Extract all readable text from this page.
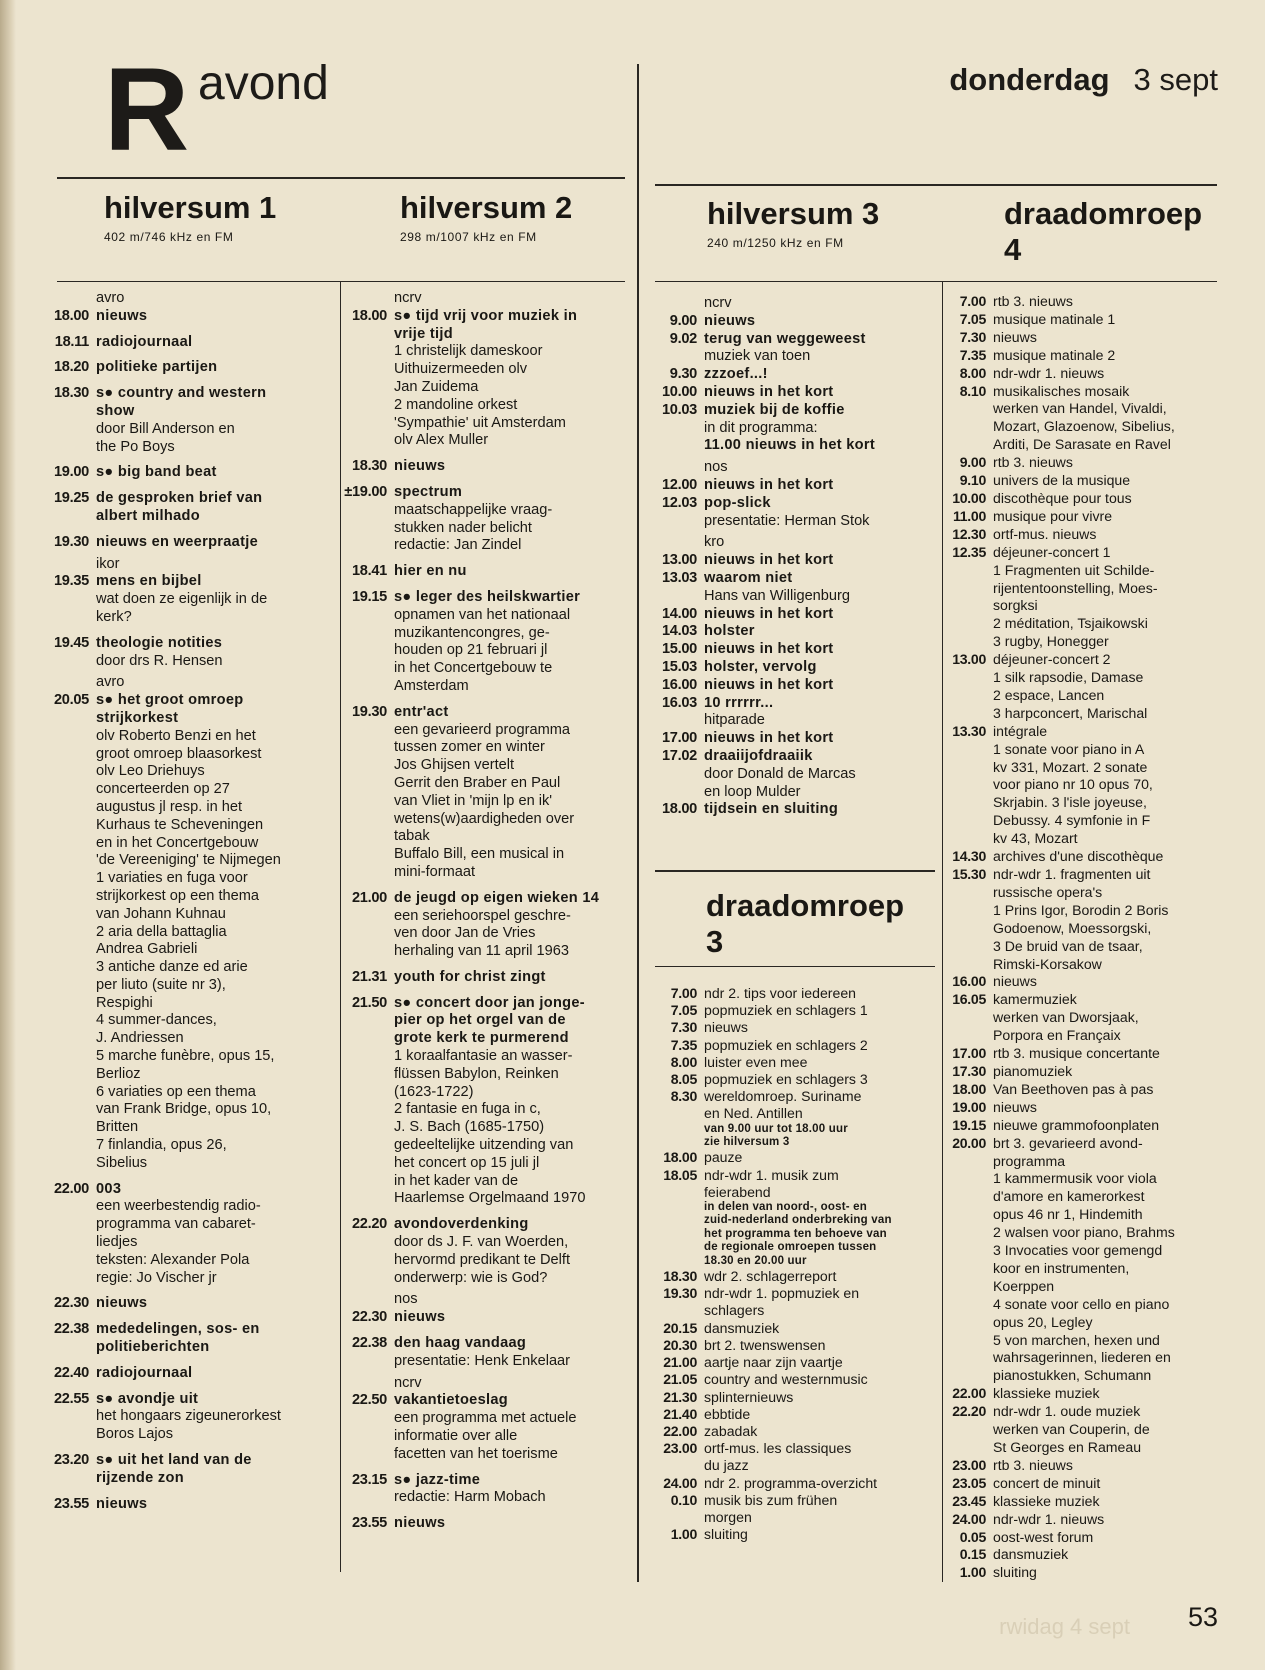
R avond	donderdag 3 sept
hilversum 1
402 m/746 kHz en FM
hilversum 2
298 m/1007 kHz en FM
hilversum 3
240 m/1250 kHz en FM
draadomroep
4
draadomroep
3
avro
18.00 nieuws
18.11 radiojournaal
18.20 politieke partijen
18.30 s● country and western
show
door Bill Anderson en
the Po Boys
19.00 s● big band beat
19.25 de gesproken brief van
albert milhado
19.30 nieuws en weerpraatje
ikor
19.35 mens en bijbel
wat doen ze eigenlijk in de
kerk?
19.45 theologie notities
door drs R. Hensen
avro
20.05 s● het groot omroep
strijkorkest
olv Roberto Benzi en het
groot omroep blaasorkest
olv Leo Driehuys
concerteerden op 27
augustus jl resp. in het
Kurhaus te Scheveningen
en in het Concertgebouw
'de Vereeniging' te Nijmegen
1 variaties en fuga voor
strijkorkest op een thema
van Johann Kuhnau
2 aria della battaglia
Andrea Gabrieli
3 antiche danze ed arie
per liuto (suite nr 3),
Respighi
4 summer-dances,
J. Andriessen
5 marche funèbre, opus 15,
Berlioz
6 variaties op een thema
van Frank Bridge, opus 10,
Britten
7 finlandia, opus 26,
Sibelius
22.00 003
een weerbestendig radio-
programma van cabaret-
liedjes
teksten: Alexander Pola
regie: Jo Vischer jr
22.30 nieuws
22.38 mededelingen, sos- en
politieberichten
22.40 radiojournaal
22.55 s● avondje uit
het hongaars zigeunerorkest
Boros Lajos
23.20 s● uit het land van de
rijzende zon
23.55 nieuws
ncrv
18.00 s● tijd vrij voor muziek in
vrije tijd
1 christelijk dameskoor
Uithuizermeeden olv
Jan Zuidema
2 mandoline orkest
'Sympathie' uit Amsterdam
olv Alex Muller
18.30 nieuws
±19.00 spectrum
maatschappelijke vraag-
stukken nader belicht
redactie: Jan Zindel
18.41 hier en nu
19.15 s● leger des heilskwartier
opnamen van het nationaal
muzikantencongres, ge-
houden op 21 februari jl
in het Concertgebouw te
Amsterdam
19.30 entr'act
een gevarieerd programma
tussen zomer en winter
Jos Ghijsen vertelt
Gerrit den Braber en Paul
van Vliet in 'mijn lp en ik'
wetens(w)aardigheden over
tabak
Buffalo Bill, een musical in
mini-formaat
21.00 de jeugd op eigen wieken 14
een seriehoorspel geschre-
ven door Jan de Vries
herhaling van 11 april 1963
21.31 youth for christ zingt
21.50 s● concert door jan jonge-
pier op het orgel van de
grote kerk te purmerend
1 koraalfantasie an wasser-
flüssen Babylon, Reinken
(1623-1722)
2 fantasie en fuga in c,
J. S. Bach (1685-1750)
gedeeltelijke uitzending van
het concert op 15 juli jl
in het kader van de
Haarlemse Orgelmaand 1970
22.20 avondoverdenking
door ds J. F. van Woerden,
hervormd predikant te Delft
onderwerp: wie is God?
nos
22.30 nieuws
22.38 den haag vandaag
presentatie: Henk Enkelaar
ncrv
22.50 vakantietoeslag
een programma met actuele
informatie over alle
facetten van het toerisme
23.15 s● jazz-time
redactie: Harm Mobach
23.55 nieuws
ncrv
9.00 nieuws
9.02 terug van weggeweest
muziek van toen
9.30 zzzoef...!
10.00 nieuws in het kort
10.03 muziek bij de koffie
in dit programma:
11.00 nieuws in het kort
nos
12.00 nieuws in het kort
12.03 pop-slick
presentatie: Herman Stok
kro
13.00 nieuws in het kort
13.03 waarom niet
Hans van Willigenburg
14.00 nieuws in het kort
14.03 holster
15.00 nieuws in het kort
15.03 holster, vervolg
16.00 nieuws in het kort
16.03 10 rrrrrr...
hitparade
17.00 nieuws in het kort
17.02 draaiijofdraaiik
door Donald de Marcas
en loop Mulder
18.00 tijdsein en sluiting
7.00 ndr 2. tips voor iedereen
7.05 popmuziek en schlagers 1
7.30 nieuws
7.35 popmuziek en schlagers 2
8.00 luister even mee
8.05 popmuziek en schlagers 3
8.30 wereldomroep. Suriname
en Ned. Antillen
van 9.00 uur tot 18.00 uur
zie hilversum 3
18.00 pauze
18.05 ndr-wdr 1. musik zum
feierabend
in delen van noord-, oost- en
zuid-nederland onderbreking van
het programma ten behoeve van
de regionale omroepen tussen
18.30 en 20.00 uur
18.30 wdr 2. schlagerreport
19.30 ndr-wdr 1. popmuziek en
schlagers
20.15 dansmuziek
20.30 brt 2. twenswensen
21.00 aartje naar zijn vaartje
21.05 country and westernmusic
21.30 splinternieuws
21.40 ebbtide
22.00 zabadak
23.00 ortf-mus. les classiques
du jazz
24.00 ndr 2. programma-overzicht
0.10 musik bis zum frühen
morgen
1.00 sluiting
7.00 rtb 3. nieuws
7.05 musique matinale 1
7.30 nieuws
7.35 musique matinale 2
8.00 ndr-wdr 1. nieuws
8.10 musikalisches mosaik
werken van Handel, Vivaldi,
Mozart, Glazoenow, Sibelius,
Arditi, De Sarasate en Ravel
9.00 rtb 3. nieuws
9.10 univers de la musique
10.00 discothèque pour tous
11.00 musique pour vivre
12.30 ortf-mus. nieuws
12.35 déjeuner-concert 1
1 Fragmenten uit Schilde-
rijententoonstelling, Moes-
sorgksi
2 méditation, Tsjaikowski
3 rugby, Honegger
13.00 déjeuner-concert 2
1 silk rapsodie, Damase
2 espace, Lancen
3 harpconcert, Marischal
13.30 intégrale
1 sonate voor piano in A
kv 331, Mozart. 2 sonate
voor piano nr 10 opus 70,
Skrjabin. 3 l'isle joyeuse,
Debussy. 4 symfonie in F
kv 43, Mozart
14.30 archives d'une discothèque
15.30 ndr-wdr 1. fragmenten uit
russische opera's
1 Prins Igor, Borodin 2 Boris
Godoenow, Moessorgski,
3 De bruid van de tsaar,
Rimski-Korsakow
16.00 nieuws
16.05 kamermuziek
werken van Dworsjaak,
Porpora en Françaix
17.00 rtb 3. musique concertante
17.30 pianomuziek
18.00 Van Beethoven pas à pas
19.00 nieuws
19.15 nieuwe grammofoonplaten
20.00 brt 3. gevarieerd avond-
programma
1 kammermusik voor viola
d'amore en kamerorkest
opus 46 nr 1, Hindemith
2 walsen voor piano, Brahms
3 Invocaties voor gemengd
koor en instrumenten,
Koerppen
4 sonate voor cello en piano
opus 20, Legley
5 von marchen, hexen und
wahrsagerinnen, liederen en
pianostukken, Schumann
22.00 klassieke muziek
22.20 ndr-wdr 1. oude muziek
werken van Couperin, de
St Georges en Rameau
23.00 rtb 3. nieuws
23.05 concert de minuit
23.45 klassieke muziek
24.00 ndr-wdr 1. nieuws
0.05 oost-west forum
0.15 dansmuziek
1.00 sluiting
53
rwidag 4 sept
